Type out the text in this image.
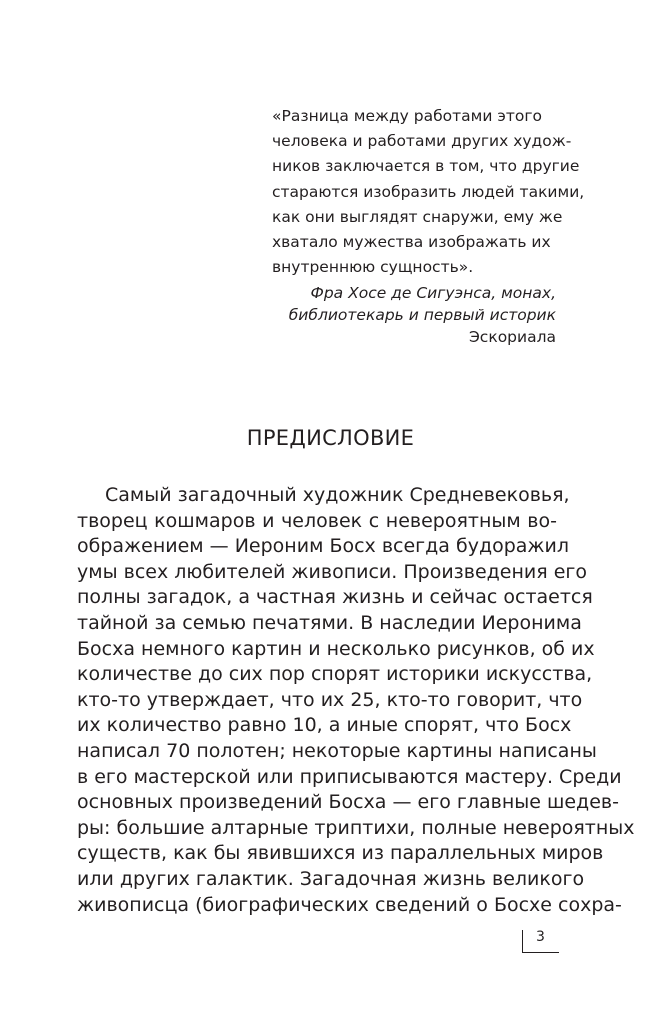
«Разница между работами этого
человека и работами других худож-
ников заключается в том, что другие
стараются изобразить людей такими,
как они выглядят снаружи, ему же
хватало мужества изображать их
внутреннюю сущность».
Фра Хосе де Сигуэнса, монах,
библиотекарь и первый историк
Эскориала
ПРЕДИСЛОВИЕ
Самый загадочный художник Средневековья,
творец кошмаров и человек с невероятным во-
ображением — Иероним Босх всегда будоражил
умы всех любителей живописи. Произведения его
полны загадок, а частная жизнь и сейчас остается
тайной за семью печатями. В наследии Иеронима
Босха немного картин и несколько рисунков, об их
количестве до сих пор спорят историки искусства,
кто-то утверждает, что их 25, кто-то говорит, что
их количество равно 10, а иные спорят, что Босх
написал 70 полотен; некоторые картины написаны
в его мастерской или приписываются мастеру. Среди
основных произведений Босха — его главные шедев-
ры: большие алтарные триптихи, полные невероятных
существ, как бы явившихся из параллельных миров
или других галактик. Загадочная жизнь великого
живописца (биографических сведений о Босхе сохра-
3
